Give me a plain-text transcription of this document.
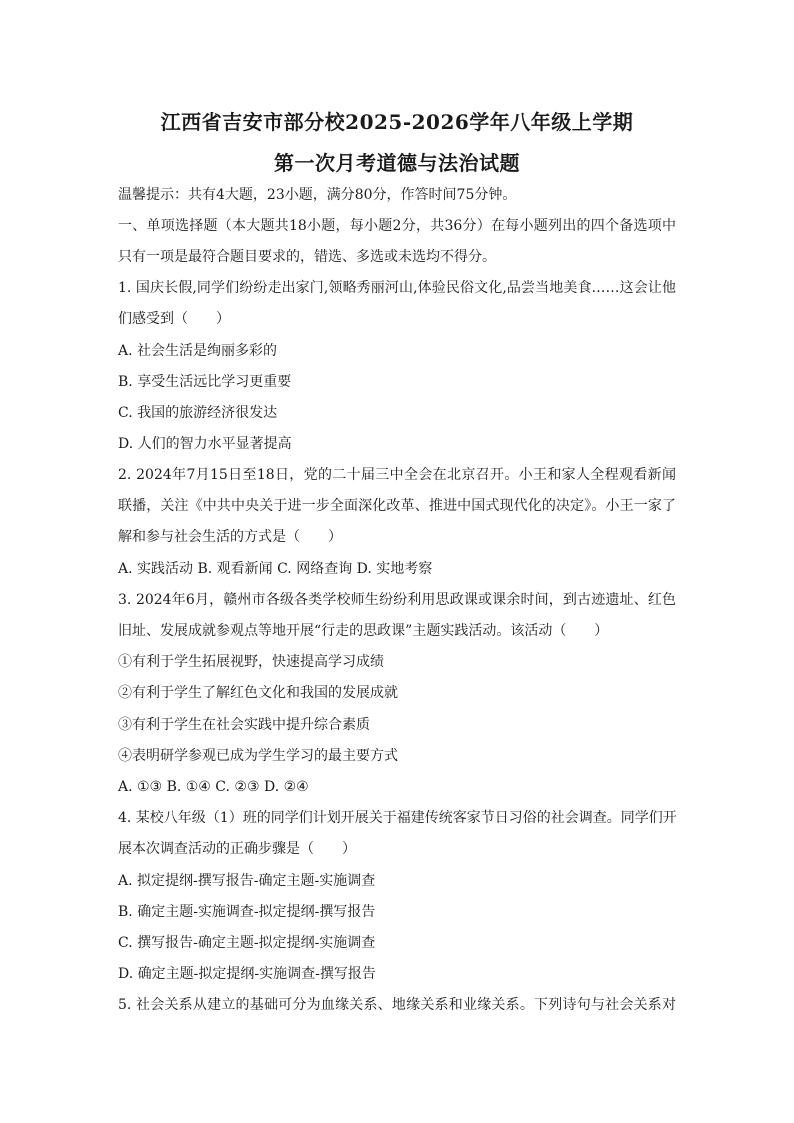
江西省吉安市部分校2025-2026学年八年级上学期
第一次月考道德与法治试题
温馨提示：共有4大题，23小题，满分80分，作答时间75分钟。
一、单项选择题（本大题共18小题，每小题2分，共36分）在每小题列出的四个备选项中
只有一项是最符合题目要求的，错选、多选或未选均不得分。
1. 国庆长假,同学们纷纷走出家门,领略秀丽河山,体验民俗文化,品尝当地美食……这会让他
们感受到（　　）
A. 社会生活是绚丽多彩的
B. 享受生活远比学习更重要
C. 我国的旅游经济很发达
D. 人们的智力水平显著提高
2. 2024年7月15日至18日，党的二十届三中全会在北京召开。小王和家人全程观看新闻
联播，关注《中共中央关于进一步全面深化改革、推进中国式现代化的决定》。小王一家了
解和参与社会生活的方式是（　　）
A. 实践活动 B. 观看新闻 C. 网络查询 D. 实地考察
3. 2024年6月，赣州市各级各类学校师生纷纷利用思政课或课余时间，到古迹遗址、红色
旧址、发展成就参观点等地开展“行走的思政课”主题实践活动。该活动（　　）
①有利于学生拓展视野，快速提高学习成绩
②有利于学生了解红色文化和我国的发展成就
③有利于学生在社会实践中提升综合素质
④表明研学参观已成为学生学习的最主要方式
A. ①③ B. ①④ C. ②③ D. ②④
4. 某校八年级（1）班的同学们计划开展关于福建传统客家节日习俗的社会调查。同学们开
展本次调查活动的正确步骤是（　　）
A. 拟定提纲-撰写报告-确定主题-实施调查
B. 确定主题-实施调查-拟定提纲-撰写报告
C. 撰写报告-确定主题-拟定提纲-实施调查
D. 确定主题-拟定提纲-实施调查-撰写报告
5. 社会关系从建立的基础可分为血缘关系、地缘关系和业缘关系。下列诗句与社会关系对
